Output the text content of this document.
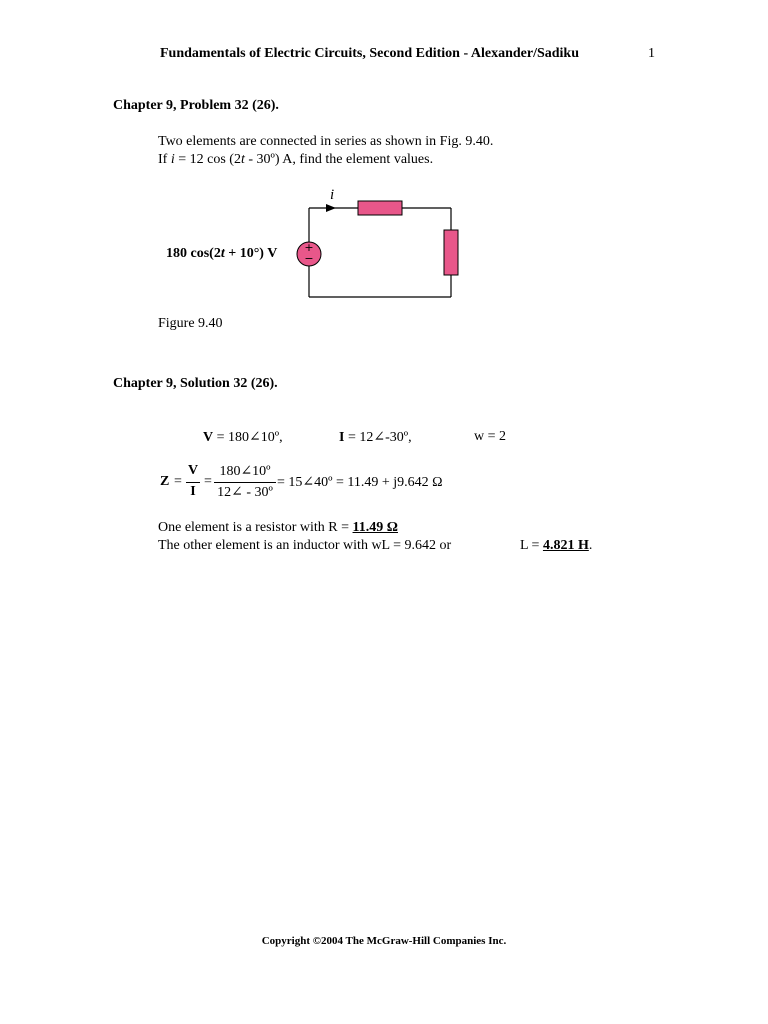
Fundamentals of Electric Circuits, Second Edition - Alexander/Sadiku	1
Chapter 9, Problem 32 (26).
Two elements are connected in series as shown in Fig. 9.40.
If i = 12 cos (2t - 30º) A, find the element values.
+
−
i
180 cos(2t + 10°) V
Figure 9.40
Chapter 9, Solution 32 (26).
V = 180∠10º,	I = 12∠-30º,	w = 2
Z =
V
I
=
180∠10º
12∠ - 30º
= 15∠40º = 11.49 + j9.642 Ω
One element is a resistor with R = 11.49 Ω
The other element is an inductor with wL = 9.642 or	L = 4.821 H.
Copyright ©2004 The McGraw-Hill Companies Inc.
